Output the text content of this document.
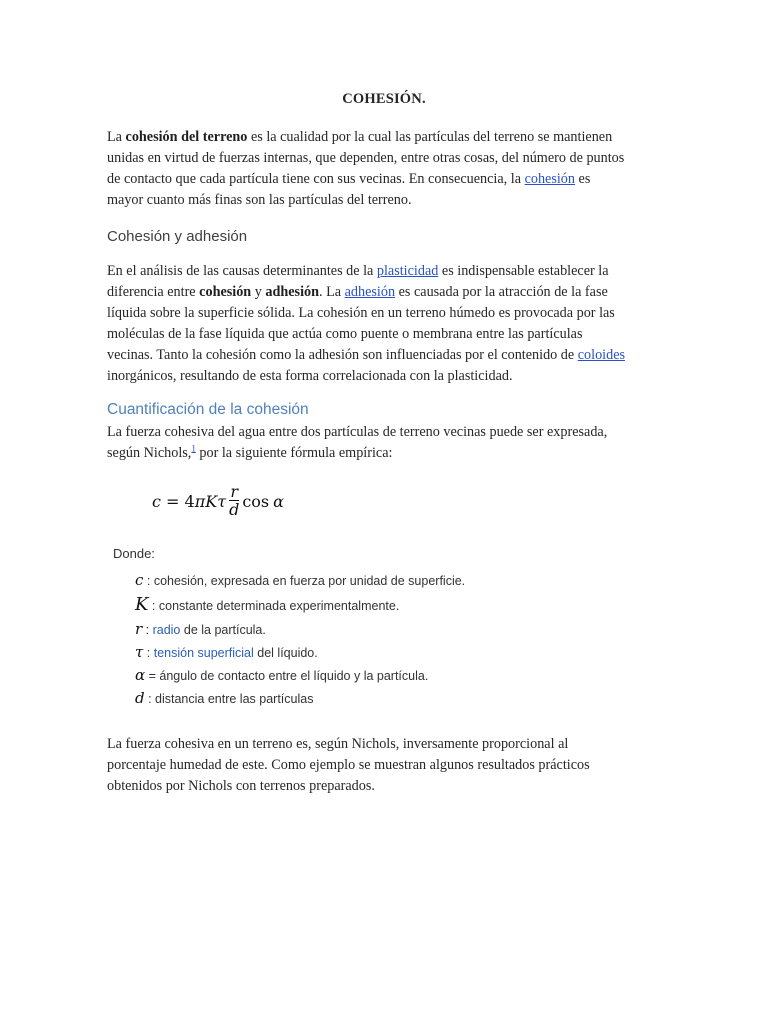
COHESIÓN.

La cohesión del terreno es la cualidad por la cual las partículas del terreno se mantienen
unidas en virtud de fuerzas internas, que dependen, entre otras cosas, del número de puntos
de contacto que cada partícula tiene con sus vecinas. En consecuencia, la cohesión es
mayor cuanto más finas son las partículas del terreno.

Cohesión y adhesión

En el análisis de las causas determinantes de la plasticidad es indispensable establecer la
diferencia entre cohesión y adhesión. La adhesión es causada por la atracción de la fase
líquida sobre la superficie sólida. La cohesión en un terreno húmedo es provocada por las
moléculas de la fase líquida que actúa como puente o membrana entre las partículas
vecinas. Tanto la cohesión como la adhesión son influenciadas por el contenido de coloides
inorgánicos, resultando de esta forma correlacionada con la plasticidad.

Cuantificación de la cohesión

La fuerza cohesiva del agua entre dos partículas de terreno vecinas puede ser expresada,
según Nichols,$^1$ por la siguiente fórmula empírica:

c = 4 π K τ $\frac{r}{d}$ cos α
Donde:
c : cohesión, expresada en fuerza por unidad de superficie.
K : constante determinada experimentalmente.
r : radio de la partícula.
τ : tensión superficial del líquido.
α = ángulo de contacto entre el líquido y la partícula.
d : distancia entre las partículas

La fuerza cohesiva en un terreno es, según Nichols, inversamente proporcional al
porcentaje humedad de este. Como ejemplo se muestran algunos resultados prácticos
obtenidos por Nichols con terrenos preparados.
